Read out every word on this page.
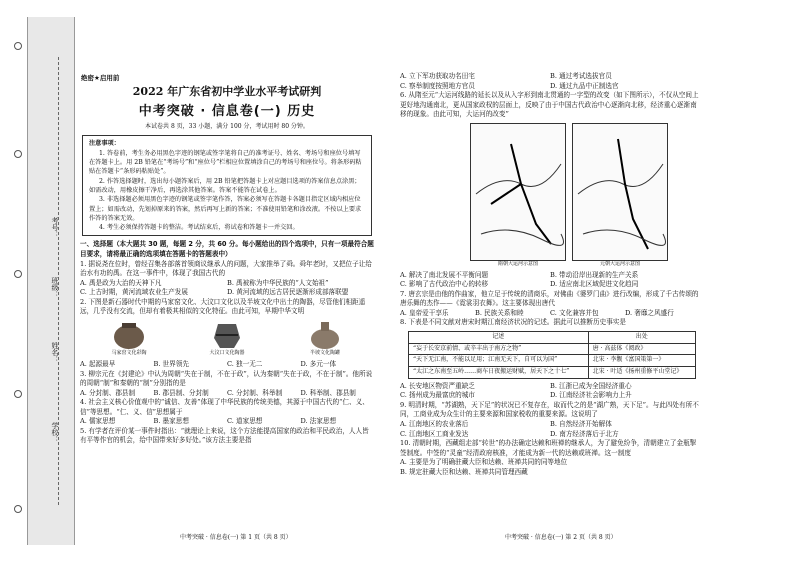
学校：
姓名：
班级：
考号：
绝密★启用前
2022 年广东省初中学业水平考试研判
中考突破 · 信息卷(一) 历史
本试卷共 8 页，33 小题，满分 100 分，考试用时 80 分钟。
注意事项：

1. 答卷前，考生务必用黑色字迹的钢笔或签字笔将自己的准考证号、姓名、考场号和座位号填写在答题卡上。用 2B 铅笔在“考场号”和“座位号”栏相应位置填涂自己的考场号和座位号。将条形码粘贴在答题卡“条形码粘贴处”。

2. 作答选择题时，选出每小题答案后，用 2B 铅笔把答题卡上对应题目选项的答案信息点涂黑；如需改动，用橡皮擦干净后，再选涂其他答案。答案不能答在试卷上。

3. 非选择题必须用黑色字迹的钢笔或签字笔作答，答案必须写在答题卡各题目指定区域内相应位置上；如需改动，先划掉原来的答案，然后再写上新的答案；不准使用铅笔和涂改液。不按以上要求作答的答案无效。

4. 考生必须保持答题卡的整洁。考试结束后，将试卷和答题卡一并交回。

一、选择题（本大题共 30 题，每题 2 分，共 60 分。每小题给出的四个选项中，只有一项最符合题目要求，请将最正确的选项填在答题卡的答题表中）

1. 据说尧在位时，曾经召集各部落首领商议继承人的问题，大家推举了舜。舜年老时，又把位子让给治水有功的禹。在这一事件中，体现了我国古代的

A. 禹是政为大治的天神下凡	B. 禹被称为中华民族的“人文始祖”
C. 上古时期，黄河流域农业生产发展	D. 黄河流域的远古居民逐渐形成部落联盟

2. 下图是新石器时代中期的马家窑文化、大汶口文化以及半坡文化中出土的陶器，尽管他们相距遥远，几乎没有交流，但却有着极其相似的文化特征。由此可知，早期中华文明

马家窑文化彩陶	大汶口文化陶器	半坡文化陶罐
A. 起源最早	B. 世界领先	C. 独一无二	D. 多元一体

3. 柳宗元在《封建论》中认为周朝“失在于制，不在于政”，认为秦朝“失在于政，不在于制”。他所说的周朝“制”和秦朝的“制”分别指的是

A. 分封制、郡县制	B. 郡县制、分封制	C. 分封制、科举制	D. 科举制、郡县制

4. 社会主义核心价值观中的“诚信、友善”体现了中华民族的传统美德，其源于中国古代的“仁、义、信”等思想。“仁、义、信”思想属于

A. 儒家思想	B. 墨家思想	C. 道家思想	D. 法家思想

5. 有学者在评价某一事件时指出：“就理论上来说，这个方法能提高国家的政治和平民政治，人人皆有平等作官的机会，给中国带来好多好处。”该方法主要是指

A. 立下军功获取功名田宅	B. 通过考试选拔官员
C. 察举制度按照地方官员	D. 通过九品中正制选官

6. 从隋至元“大运河线路的延长以及从入字形到南北贯通的一字型的改变（如下图所示），不仅从空间上更好地沟通南北，更从国家政权的层面上，反映了由于中国古代政治中心逐渐向北移，经济重心逐渐南移的现象。由此可知，大运河的改变”

隋朝大运河示意图	元朝大运河示意图
A. 解决了南北发展不平衡问题	B. 带动沿岸出现新的生产关系
C. 影响了古代政治中心的转移	D. 适应南北区域促进文化趋同

7. 唐玄宗是由他的作曲家，他立足于传统的清商乐，对佛曲《婆罗门曲》进行改编，形成了千古传颂的唐乐舞的杰作——《霓裳羽衣舞》。这主要体现出唐代

A. 皇帝爱干享乐	B. 民族关系和睦	C. 文化兼容并包	D. 奢靡之风盛行

8. 下表是不同文献对唐宋时期江南经济状况的记述。据此可以推断历史事实是

记述	出处
“妄于长安京前情、或辛丰出于南方之物”	唐 · 高兹体《阅政》
“天下无江南，不能以足用；江南无天下，自可以为国”	北宋 · 李觏《富国策第一》
“太江之东南至五岭……商车日夜搬运财赋，居天下之十七”	北宋 · 叶适《扬州重修平山堂记》
A. 长安地区物资严重缺乏	B. 江浙已成为全国经济重心
C. 扬州成为最富庶的城市	D. 江南经济社会影响力上升

9. 明清时期，“苏湖熟，天下足”的状况已不复存在，取而代之的是“湖广熟，天下足”。与此四处有所不同，工商业成为众生计的主要来源和国家税收的重要来源。这说明了

A. 江南地区的农业落后	B. 自然经济开始解体
C. 江南地区工商业发达	D. 南方经济落后于北方

10. 清朝时期，西藏组走部“转世”的办法确定达赖和班禅的继承人，为了避免纷争，清朝建立了金瓶掣签制度。中签的“灵童”经清政府核准，才能成为新一代的达赖或班禅。这一制度

A. 主要是为了明确驻藏大臣和达赖、班禅共同的同等地位
B. 规定驻藏大臣和达赖、班禅共同管理西藏
中考突破 · 信息卷(一) 第 1 页（共 8 页）	中考突破 · 信息卷(一) 第 2 页（共 8 页）
